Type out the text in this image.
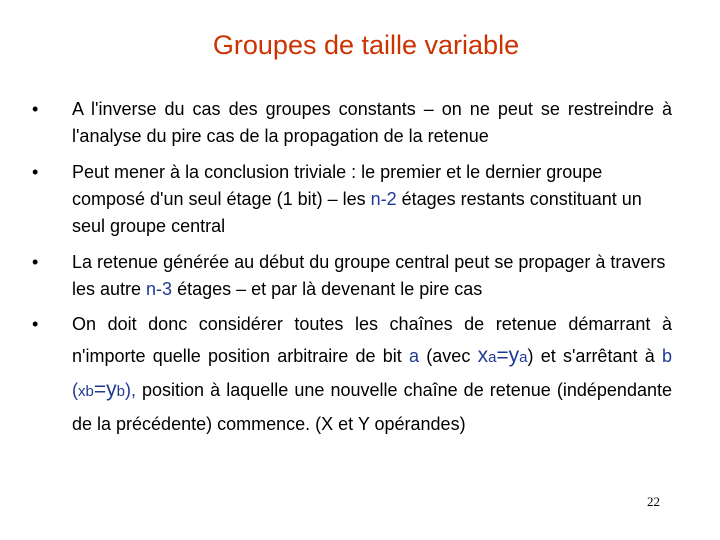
Groupes de taille variable
• A l'inverse du cas des groupes constants – on ne peut se restreindre à l'analyse du pire cas de la propagation de la retenue
• Peut mener à la conclusion triviale : le premier et le dernier groupe composé d'un seul étage (1 bit) – les n-2 étages restants constituant un seul groupe central
• La retenue générée au début du groupe central peut se propager à travers les autre n-3 étages – et par là devenant le pire cas
• On doit donc considérer toutes les chaînes de retenue démarrant à n'importe quelle position arbitraire de bit a (avec xa=ya) et s'arrêtant à b (xb=yb), position à laquelle une nouvelle chaîne de retenue (indépendante de la précédente) commence. (X et Y opérandes)
22
